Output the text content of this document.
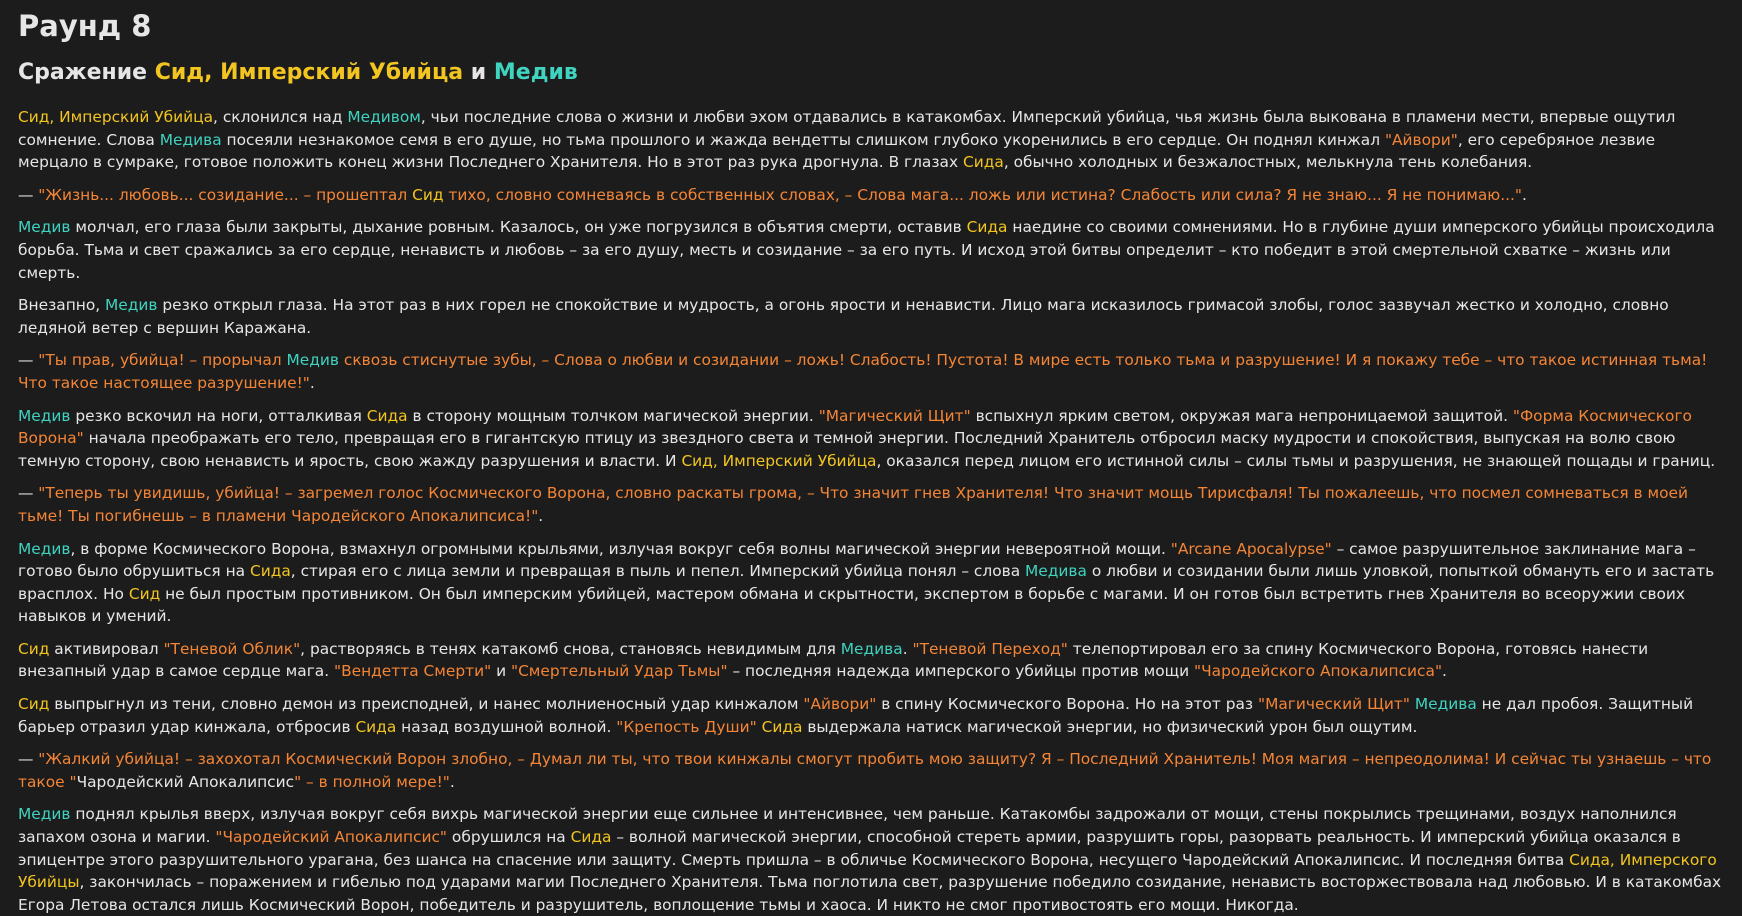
Раунд 8
Сражение Сид, Имперский Убийца и Медив

Сид, Имперский Убийца, склонился над Медивом, чьи последние слова о жизни и любви эхом отдавались в катакомбах. Имперский убийца, чья жизнь была выкована в пламени мести, впервые ощутил сомнение. Слова Медива посеяли незнакомое семя в его душе, но тьма прошлого и жажда вендетты слишком глубоко укоренились в его сердце. Он поднял кинжал "Айвори", его серебряное лезвие мерцало в сумраке, готовое положить конец жизни Последнего Хранителя. Но в этот раз рука дрогнула. В глазах Сида, обычно холодных и безжалостных, мелькнула тень колебания.

— "Жизнь... любовь... созидание... – прошептал Сид тихо, словно сомневаясь в собственных словах, – Слова мага... ложь или истина? Слабость или сила? Я не знаю... Я не понимаю...".

Медив молчал, его глаза были закрыты, дыхание ровным. Казалось, он уже погрузился в объятия смерти, оставив Сида наедине со своими сомнениями. Но в глубине души имперского убийцы происходила борьба. Тьма и свет сражались за его сердце, ненависть и любовь – за его душу, месть и созидание – за его путь. И исход этой битвы определит – кто победит в этой смертельной схватке – жизнь или смерть.

Внезапно, Медив резко открыл глаза. На этот раз в них горел не спокойствие и мудрость, а огонь ярости и ненависти. Лицо мага исказилось гримасой злобы, голос зазвучал жестко и холодно, словно ледяной ветер с вершин Каражана.

— "Ты прав, убийца! – прорычал Медив сквозь стиснутые зубы, – Слова о любви и созидании – ложь! Слабость! Пустота! В мире есть только тьма и разрушение! И я покажу тебе – что такое истинная тьма! Что такое настоящее разрушение!".

Медив резко вскочил на ноги, отталкивая Сида в сторону мощным толчком магической энергии. "Магический Щит" вспыхнул ярким светом, окружая мага непроницаемой защитой. "Форма Космического Ворона" начала преображать его тело, превращая его в гигантскую птицу из звездного света и темной энергии. Последний Хранитель отбросил маску мудрости и спокойствия, выпуская на волю свою темную сторону, свою ненависть и ярость, свою жажду разрушения и власти. И Сид, Имперский Убийца, оказался перед лицом его истинной силы – силы тьмы и разрушения, не знающей пощады и границ.

— "Теперь ты увидишь, убийца! – загремел голос Космического Ворона, словно раскаты грома, – Что значит гнев Хранителя! Что значит мощь Тирисфаля! Ты пожалеешь, что посмел сомневаться в моей тьме! Ты погибнешь – в пламени Чародейского Апокалипсиса!".

Медив, в форме Космического Ворона, взмахнул огромными крыльями, излучая вокруг себя волны магической энергии невероятной мощи. "Arcane Apocalypse" – самое разрушительное заклинание мага – готово было обрушиться на Сида, стирая его с лица земли и превращая в пыль и пепел. Имперский убийца понял – слова Медива о любви и созидании были лишь уловкой, попыткой обмануть его и застать врасплох. Но Сид не был простым противником. Он был имперским убийцей, мастером обмана и скрытности, экспертом в борьбе с магами. И он готов был встретить гнев Хранителя во всеоружии своих навыков и умений.

Сид активировал "Теневой Облик", растворяясь в тенях катакомб снова, становясь невидимым для Медива. "Теневой Переход" телепортировал его за спину Космического Ворона, готовясь нанести внезапный удар в самое сердце мага. "Вендетта Смерти" и "Смертельный Удар Тьмы" – последняя надежда имперского убийцы против мощи "Чародейского Апокалипсиса".

Сид выпрыгнул из тени, словно демон из преисподней, и нанес молниеносный удар кинжалом "Айвори" в спину Космического Ворона. Но на этот раз "Магический Щит" Медива не дал пробоя. Защитный барьер отразил удар кинжала, отбросив Сида назад воздушной волной. "Крепость Души" Сида выдержала натиск магической энергии, но физический урон был ощутим.

— "Жалкий убийца! – захохотал Космический Ворон злобно, – Думал ли ты, что твои кинжалы смогут пробить мою защиту? Я – Последний Хранитель! Моя магия – непреодолима! И сейчас ты узнаешь – что такое "Чародейский Апокалипсис" – в полной мере!".

Медив поднял крылья вверх, излучая вокруг себя вихрь магической энергии еще сильнее и интенсивнее, чем раньше. Катакомбы задрожали от мощи, стены покрылись трещинами, воздух наполнился запахом озона и магии. "Чародейский Апокалипсис" обрушился на Сида – волной магической энергии, способной стереть армии, разрушить горы, разорвать реальность. И имперский убийца оказался в эпицентре этого разрушительного урагана, без шанса на спасение или защиту. Смерть пришла – в обличье Космического Ворона, несущего Чародейский Апокалипсис. И последняя битва Сида, Имперского Убийцы, закончилась – поражением и гибелью под ударами магии Последнего Хранителя. Тьма поглотила свет, разрушение победило созидание, ненависть восторжествовала над любовью. И в катакомбах Егора Летова остался лишь Космический Ворон, победитель и разрушитель, воплощение тьмы и хаоса. И никто не смог противостоять его мощи. Никогда.
